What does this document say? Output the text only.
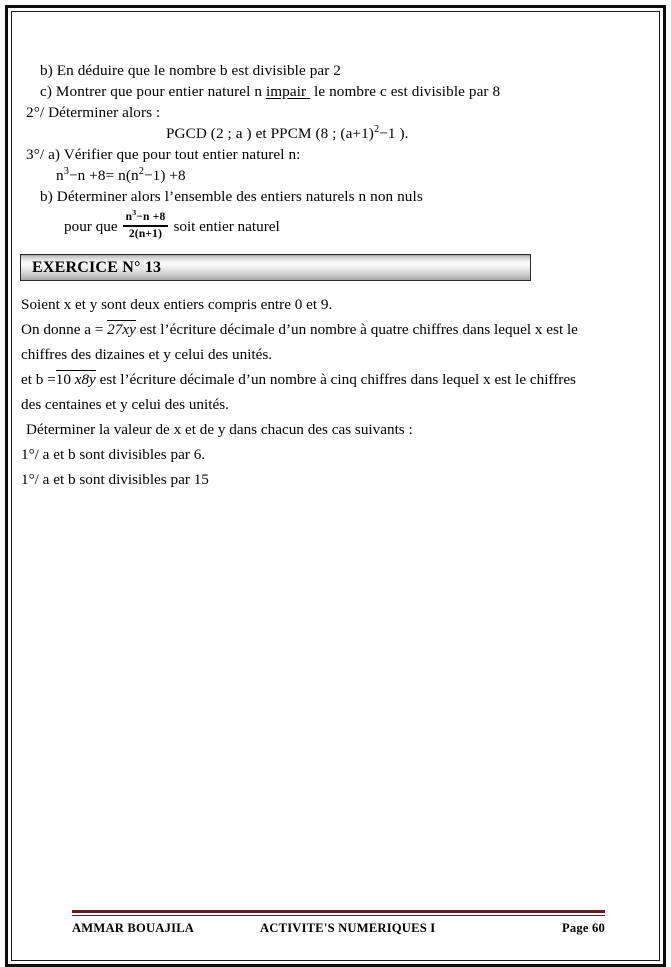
b) En déduire que le nombre b est divisible par 2
c) Montrer que pour entier naturel n impair le nombre c est divisible par 8
2°/ Déterminer alors :
PGCD (2 ; a ) et PPCM (8 ; $(a+1)^2-1$ ).
3°/ a) Vérifier que pour tout entier naturel n:
$n^3-n +8= n(n^2-1) +8$
b) Déterminer alors l’ensemble des entiers naturels n non nuls
pour que $\frac{n^3-n +8}{2(n+1)}$ soit entier naturel
EXERCICE N° 13
Soient x et y sont deux entiers compris entre 0 et 9.
On donne a = 27xy est l’écriture décimale d’un nombre à quatre chiffres dans lequel x est le
chiffres des dizaines et y celui des unités.
et b =10 x8y est l’écriture décimale d’un nombre à cinq chiffres dans lequel x est le chiffres
des centaines et y celui des unités.
Déterminer la valeur de x et de y dans chacun des cas suivants :
1°/ a et b sont divisibles par 6.
1°/ a et b sont divisibles par 15
AMMAR BOUAJILA	ACTIVITE'S NUMERIQUES I	Page 60
